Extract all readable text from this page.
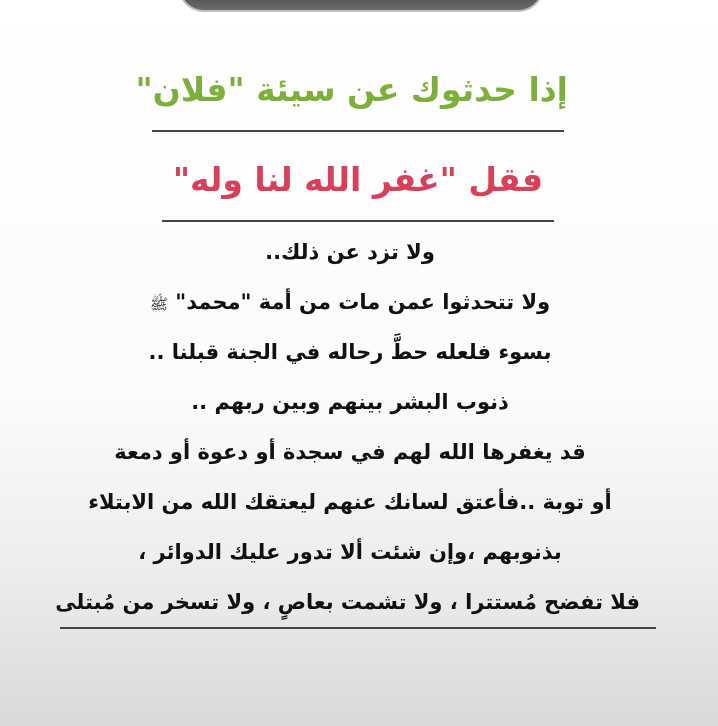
إذا حدثوك عن سيئة "فلان"
فقل "غفر الله لنا وله"
ولا تزد عن ذلك..
ولا تتحدثوا عمن مات من أمة "محمد" ﷺ
بسوء فلعله حطَّ رحاله في الجنة قبلنا ..
ذنوب البشر بينهم وبين ربهم ..
قد يغفرها الله لهم في سجدة أو دعوة أو دمعة
أو توبة ..فأعتق لسانك عنهم ليعتقك الله من الابتلاء
بذنوبهم ،وإن شئت ألا تدور عليك الدوائر ،
فلا تفضح مُستترا ، ولا تشمت بعاصٍ ، ولا تسخر من مُبتلى
